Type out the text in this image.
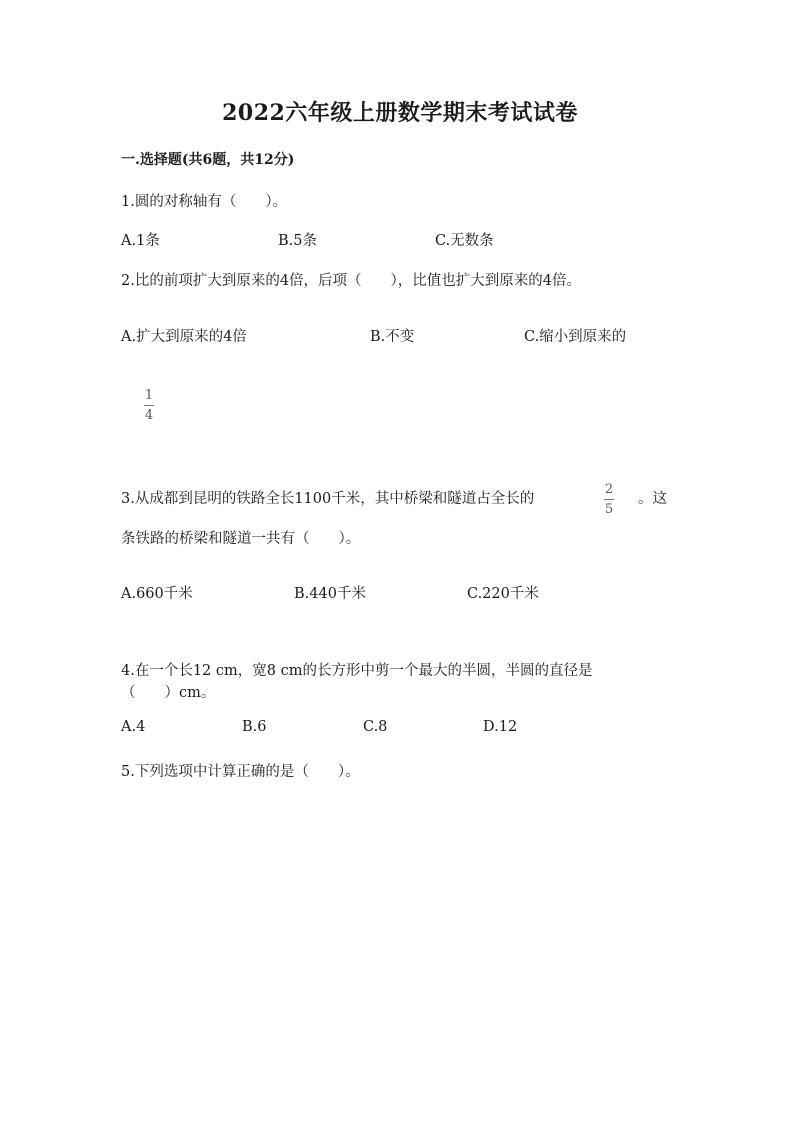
2022六年级上册数学期末考试试卷
一.选择题(共6题，共12分)
1.圆的对称轴有（　　）。
A.1条	B.5条	C.无数条
2.比的前项扩大到原来的4倍，后项（　　），比值也扩大到原来的4倍。
A.扩大到原来的4倍	B.不变	C.缩小到原来的
1
4
3.从成都到昆明的铁路全长1100千米，其中桥梁和隧道占全长的
2
5
。这
条铁路的桥梁和隧道一共有（　　）。
A.660千米	B.440千米	C.220千米
4.在一个长12 cm，宽8 cm的长方形中剪一个最大的半圆，半圆的直径是
（　　）cm。
A.4	B.6	C.8	D.12
5.下列选项中计算正确的是（　　）。
